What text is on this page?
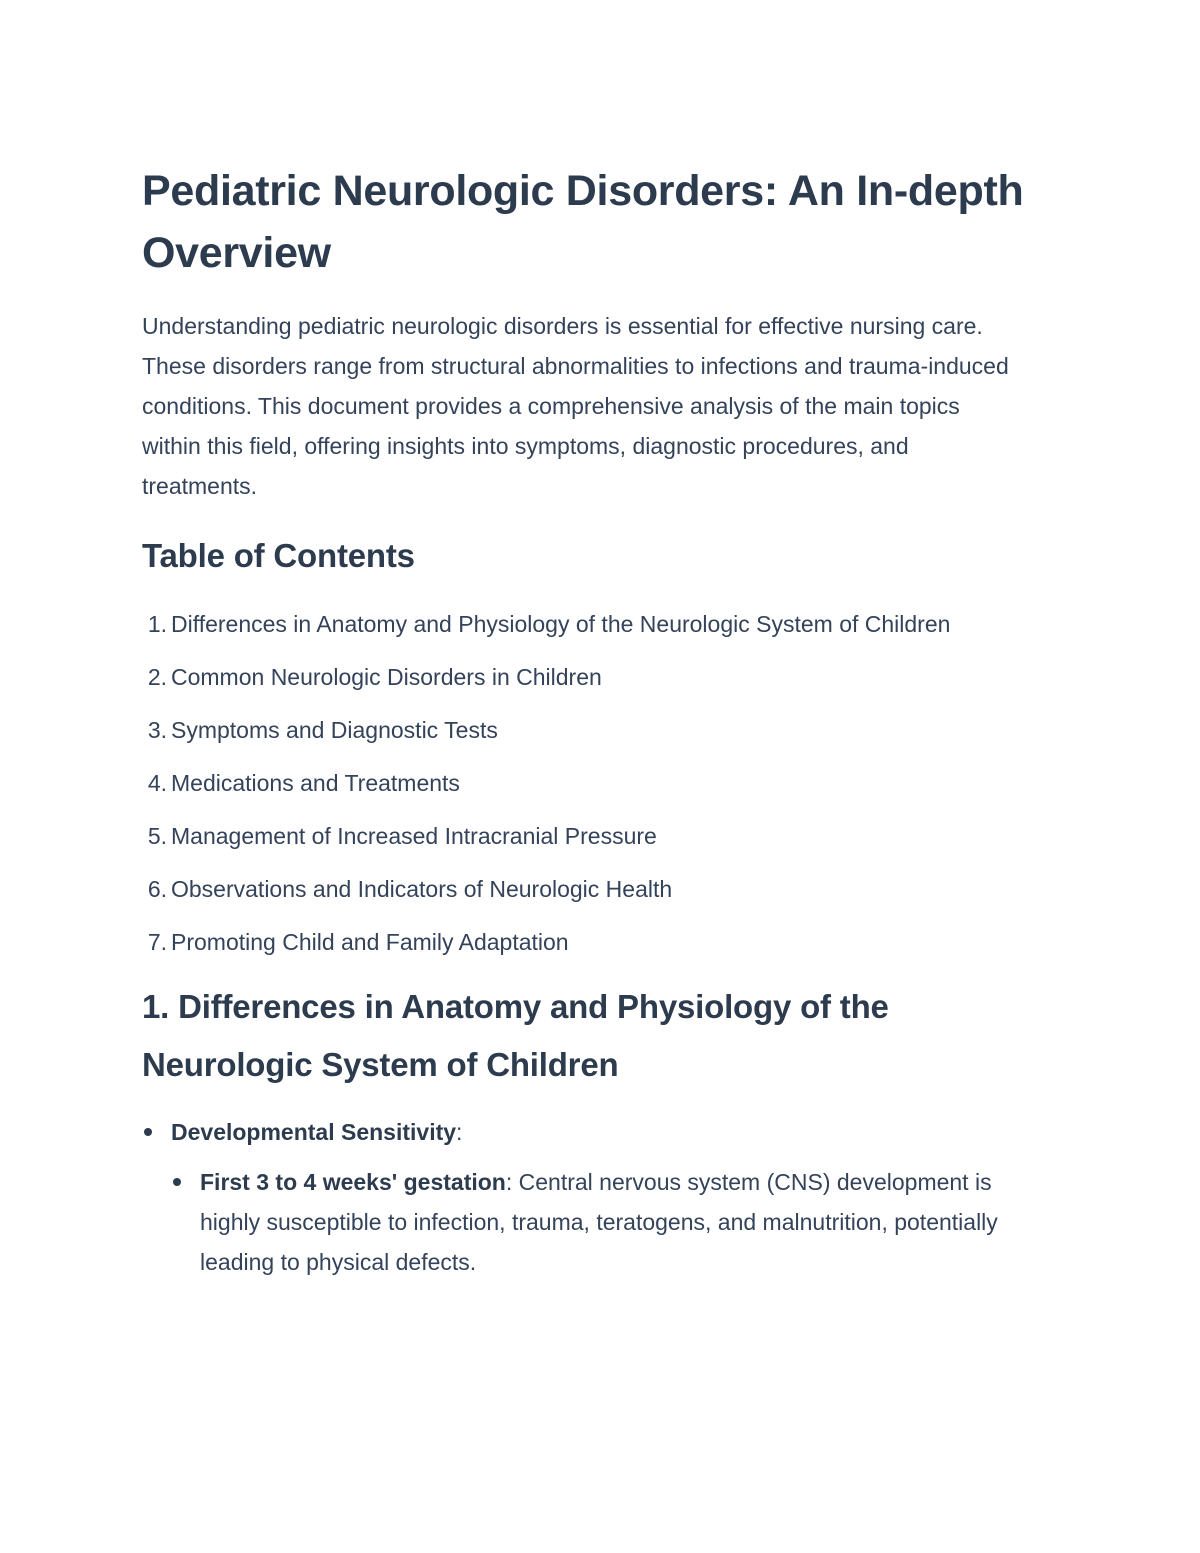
Pediatric Neurologic Disorders: An In-depth Overview

Understanding pediatric neurologic disorders is essential for effective nursing care. These disorders range from structural abnormalities to infections and trauma-induced conditions. This document provides a comprehensive analysis of the main topics within this field, offering insights into symptoms, diagnostic procedures, and treatments.

Table of Contents
1. Differences in Anatomy and Physiology of the Neurologic System of Children
2. Common Neurologic Disorders in Children
3. Symptoms and Diagnostic Tests
4. Medications and Treatments
5. Management of Increased Intracranial Pressure
6. Observations and Indicators of Neurologic Health
7. Promoting Child and Family Adaptation
1. Differences in Anatomy and Physiology of the Neurologic System of Children
Developmental Sensitivity:
First 3 to 4 weeks' gestation: Central nervous system (CNS) development is highly susceptible to infection, trauma, teratogens, and malnutrition, potentially leading to physical defects.
